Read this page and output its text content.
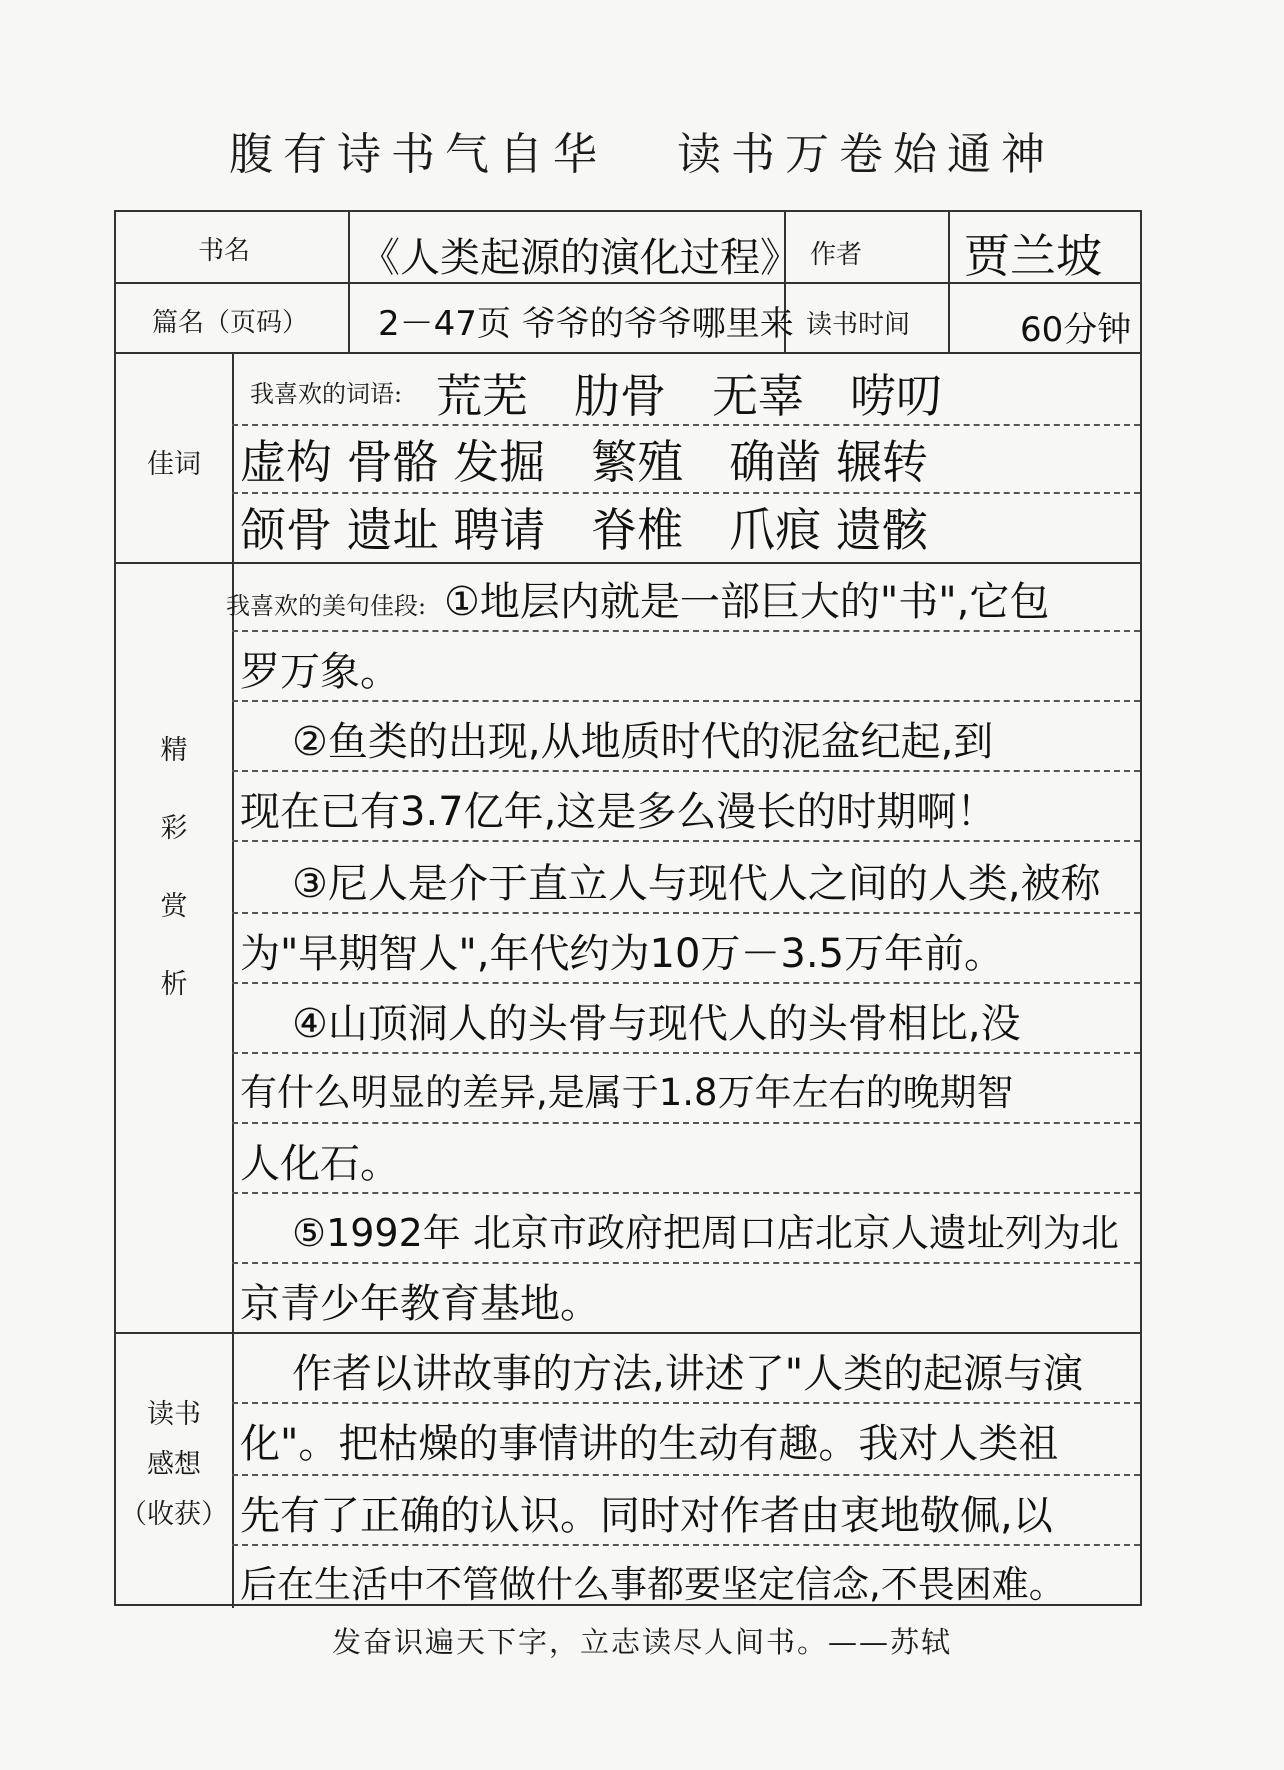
腹有诗书气自华 读书万卷始通神
书名	《人类起源的演化过程》 作者 贾兰坡
篇名（页码） 2－47页 爷爷的爷爷哪里来 读书时间	60分钟
佳词
我喜欢的词语: 荒芜　肋骨　无辜　唠叨
虚构 骨骼 发掘　繁殖　确凿 辗转
颌骨 遗址 聘请　脊椎　爪痕 遗骸
精
彩
赏
析
我喜欢的美句佳段: ①地层内就是一部巨大的"书",它包
罗万象。
②鱼类的出现,从地质时代的泥盆纪起,到
现在已有3.7亿年,这是多么漫长的时期啊！
③尼人是介于直立人与现代人之间的人类,被称
为"早期智人",年代约为10万－3.5万年前。
④山顶洞人的头骨与现代人的头骨相比,没
有什么明显的差异,是属于1.8万年左右的晚期智
人化石。
⑤1992年 北京市政府把周口店北京人遗址列为北
京青少年教育基地。
读书
感想
（收获）
作者以讲故事的方法,讲述了"人类的起源与演
化"。把枯燥的事情讲的生动有趣。我对人类祖
先有了正确的认识。同时对作者由衷地敬佩,以
后在生活中不管做什么事都要坚定信念,不畏困难。
发奋识遍天下字，立志读尽人间书。——苏轼
